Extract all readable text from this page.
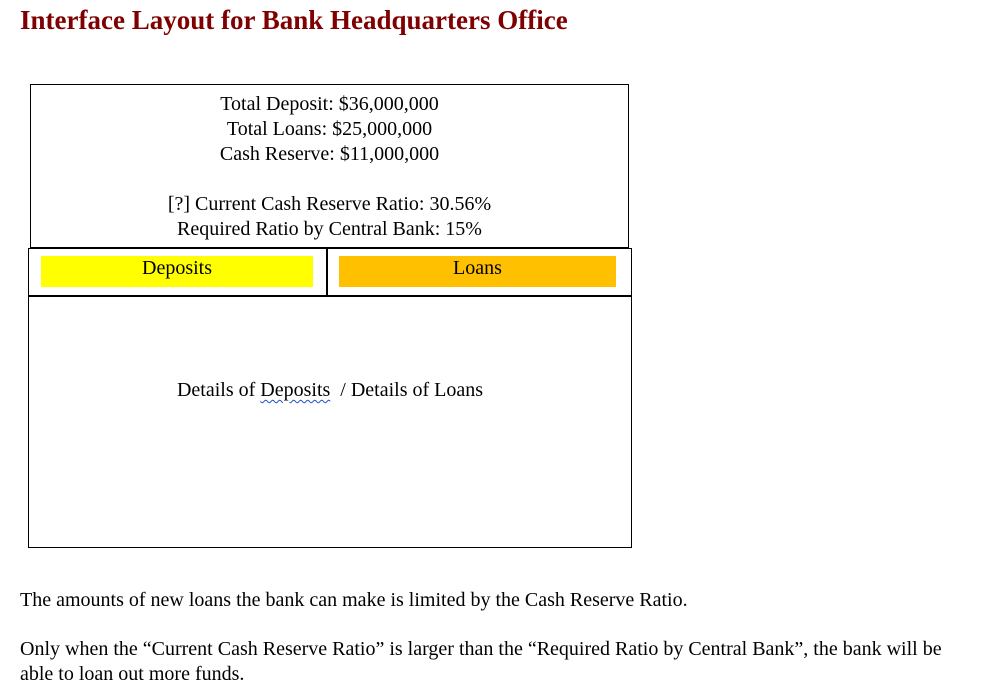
Interface Layout for Bank Headquarters Office
Total Deposit: $36,000,000
Total Loans: $25,000,000
Cash Reserve: $11,000,000
[?] Current Cash Reserve Ratio: 30.56%
Required Ratio by Central Bank: 15%
Deposits	Loans
Details of Deposits  / Details of Loans
The amounts of new loans the bank can make is limited by the Cash Reserve Ratio.
Only when the “Current Cash Reserve Ratio” is larger than the “Required Ratio by Central Bank”, the bank will be able to loan out more funds.
